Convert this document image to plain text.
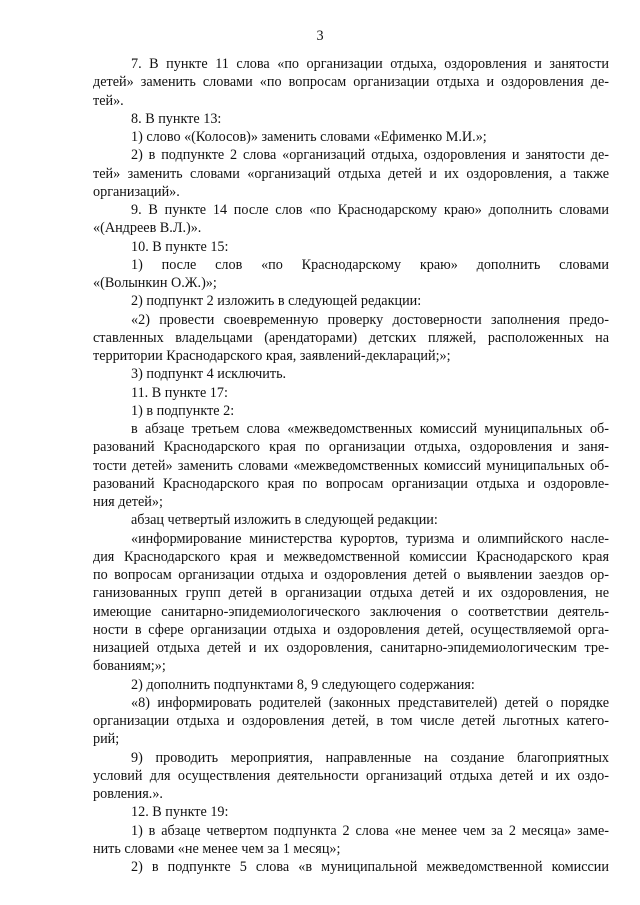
3
7. В пункте 11 слова «по организации отдыха, оздоровления и занятости
детей» заменить словами «по вопросам организации отдыха и оздоровления де-
тей».
8. В пункте 13:
1) слово «(Колосов)» заменить словами «Ефименко М.И.»;
2) в подпункте 2 слова «организаций отдыха, оздоровления и занятости де-
тей» заменить словами «организаций отдыха детей и их оздоровления, а также
организаций».
9. В пункте 14 после слов «по Краснодарскому краю» дополнить словами
«(Андреев В.Л.)».
10. В пункте 15:
1) после слов «по Краснодарскому краю» дополнить словами
«(Волынкин О.Ж.)»;
2) подпункт 2 изложить в следующей редакции:
«2) провести своевременную проверку достоверности заполнения предо-
ставленных владельцами (арендаторами) детских пляжей, расположенных на
территории Краснодарского края, заявлений-деклараций;»;
3) подпункт 4 исключить.
11. В пункте 17:
1) в подпункте 2:
в абзаце третьем слова «межведомственных комиссий муниципальных об-
разований Краснодарского края по организации отдыха, оздоровления и заня-
тости детей» заменить словами «межведомственных комиссий муниципальных об-
разований Краснодарского края по вопросам организации отдыха и оздоровле-
ния детей»;
абзац четвертый изложить в следующей редакции:
«информирование министерства курортов, туризма и олимпийского насле-
дия Краснодарского края и межведомственной комиссии Краснодарского края
по вопросам организации отдыха и оздоровления детей о выявлении заездов ор-
ганизованных групп детей в организации отдыха детей и их оздоровления, не
имеющие санитарно-эпидемиологического заключения о соответствии деятель-
ности в сфере организации отдыха и оздоровления детей, осуществляемой орга-
низацией отдыха детей и их оздоровления, санитарно-эпидемиологическим тре-
бованиям;»;
2) дополнить подпунктами 8, 9 следующего содержания:
«8) информировать родителей (законных представителей) детей о порядке
организации отдыха и оздоровления детей, в том числе детей льготных катего-
рий;
9) проводить мероприятия, направленные на создание благоприятных
условий для осуществления деятельности организаций отдыха детей и их оздо-
ровления.».
12. В пункте 19:
1) в абзаце четвертом подпункта 2 слова «не менее чем за 2 месяца» заме-
нить словами «не менее чем за 1 месяц»;
2) в подпункте 5 слова «в муниципальной межведомственной комиссии
